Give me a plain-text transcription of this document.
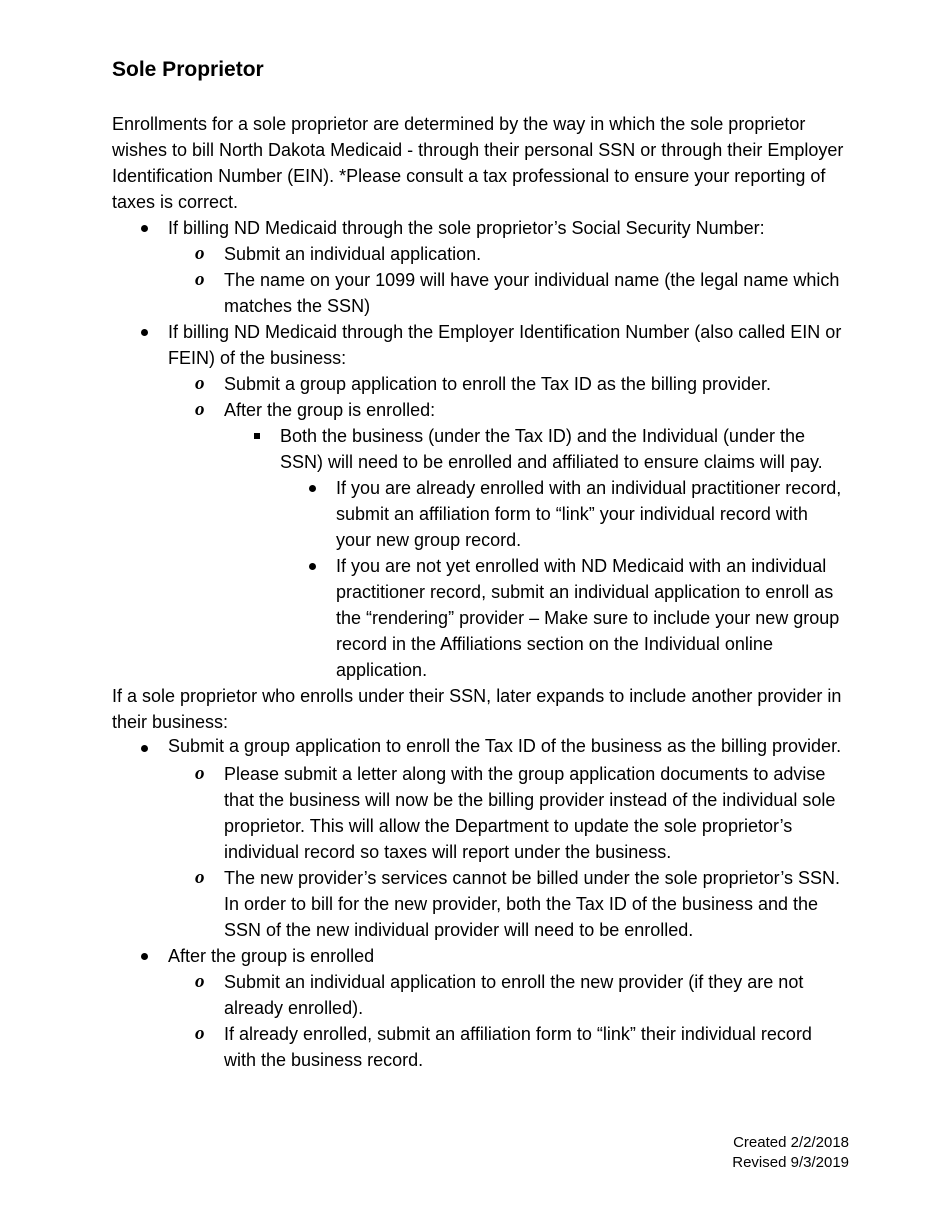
Sole Proprietor

Enrollments for a sole proprietor are determined by the way in which the sole proprietor wishes to bill North Dakota Medicaid - through their personal SSN or through their Employer Identification Number (EIN). *Please consult a tax professional to ensure your reporting of taxes is correct.

If billing ND Medicaid through the sole proprietor’s Social Security Number:
o Submit an individual application.
o The name on your 1099 will have your individual name (the legal name which matches the SSN)
If billing ND Medicaid through the Employer Identification Number (also called EIN or FEIN) of the business:
o Submit a group application to enroll the Tax ID as the billing provider.
o After the group is enrolled:
Both the business (under the Tax ID) and the Individual (under the SSN) will need to be enrolled and affiliated to ensure claims will pay.
If you are already enrolled with an individual practitioner record, submit an affiliation form to “link” your individual record with your new group record.
If you are not yet enrolled with ND Medicaid with an individual practitioner record, submit an individual application to enroll as the “rendering” provider – Make sure to include your new group record in the Affiliations section on the Individual online application.

If a sole proprietor who enrolls under their SSN, later expands to include another provider in their business:

Submit a group application to enroll the Tax ID of the business as the billing provider.
o Please submit a letter along with the group application documents to advise that the business will now be the billing provider instead of the individual sole proprietor. This will allow the Department to update the sole proprietor’s individual record so taxes will report under the business.
o The new provider’s services cannot be billed under the sole proprietor’s SSN. In order to bill for the new provider, both the Tax ID of the business and the SSN of the new individual provider will need to be enrolled.
After the group is enrolled
o Submit an individual application to enroll the new provider (if they are not already enrolled).
o If already enrolled, submit an affiliation form to “link” their individual record with the business record.
Created 2/2/2018
Revised 9/3/2019
